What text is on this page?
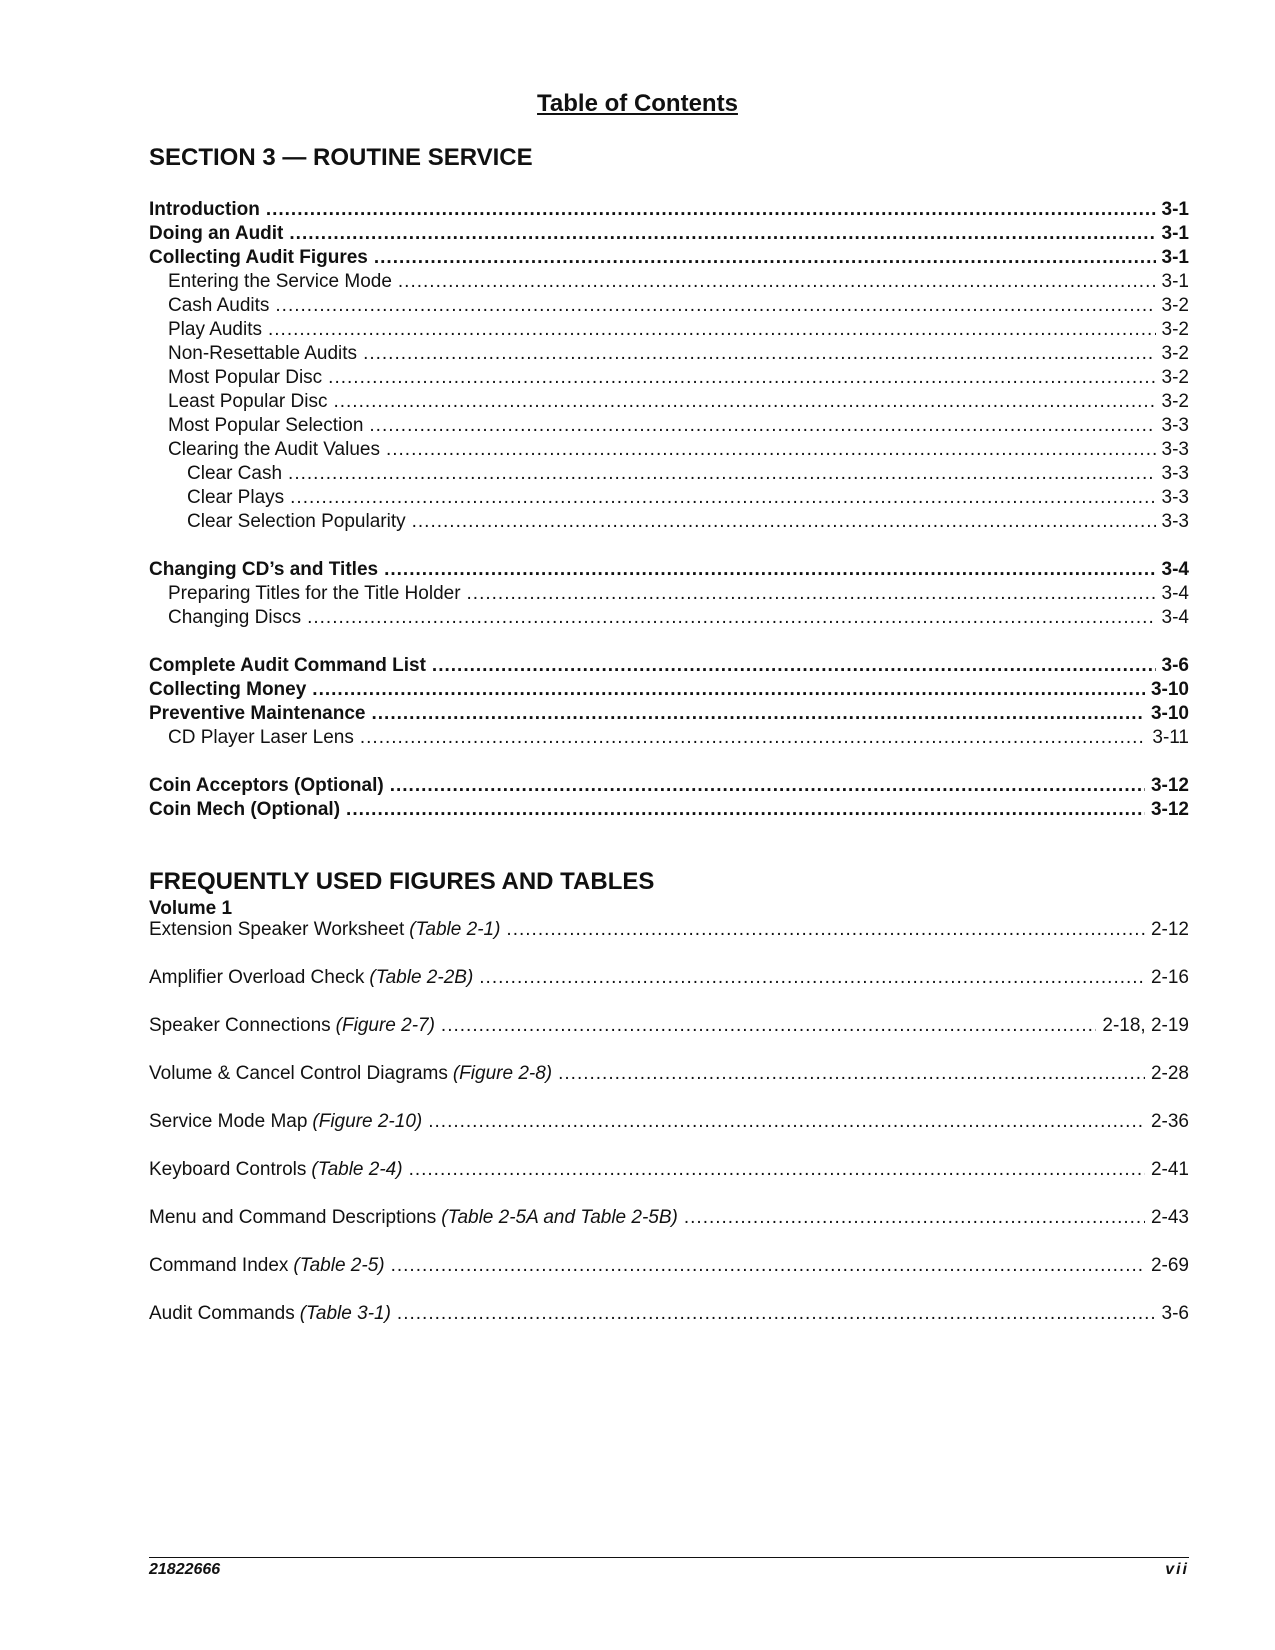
Table of Contents
SECTION 3 — ROUTINE SERVICE
Introduction .....	3-1
Doing an Audit .....	3-1
Collecting Audit Figures .....	3-1
Entering the Service Mode .....	3-1
Cash Audits .....	3-2
Play Audits .....	3-2
Non-Resettable Audits .....	3-2
Most Popular Disc .....	3-2
Least Popular Disc .....	3-2
Most Popular Selection .....	3-3
Clearing the Audit Values .....	3-3
Clear Cash .....	3-3
Clear Plays .....	3-3
Clear Selection Popularity .....	3-3
Changing CD’s and Titles .....	3-4
Preparing Titles for the Title Holder .....	3-4
Changing Discs .....	3-4
Complete Audit Command List .....	3-6
Collecting Money .....	3-10
Preventive Maintenance .....	3-10
CD Player Laser Lens .....	3-11
Coin Acceptors (Optional) .....	3-12
Coin Mech (Optional) .....	3-12
FREQUENTLY USED FIGURES AND TABLES
Volume 1
Extension Speaker Worksheet (Table 2-1) .....	2-12
Amplifier Overload Check (Table 2-2B) .....	2-16
Speaker Connections (Figure 2-7) .....	2-18, 2-19
Volume & Cancel Control Diagrams (Figure 2-8) .....	2-28
Service Mode Map (Figure 2-10) .....	2-36
Keyboard Controls (Table 2-4) .....	2-41
Menu and Command Descriptions (Table 2-5A and Table 2-5B) .....	2-43
Command Index (Table 2-5) .....	2-69
Audit Commands (Table 3-1) .....	3-6
21822666	vii
